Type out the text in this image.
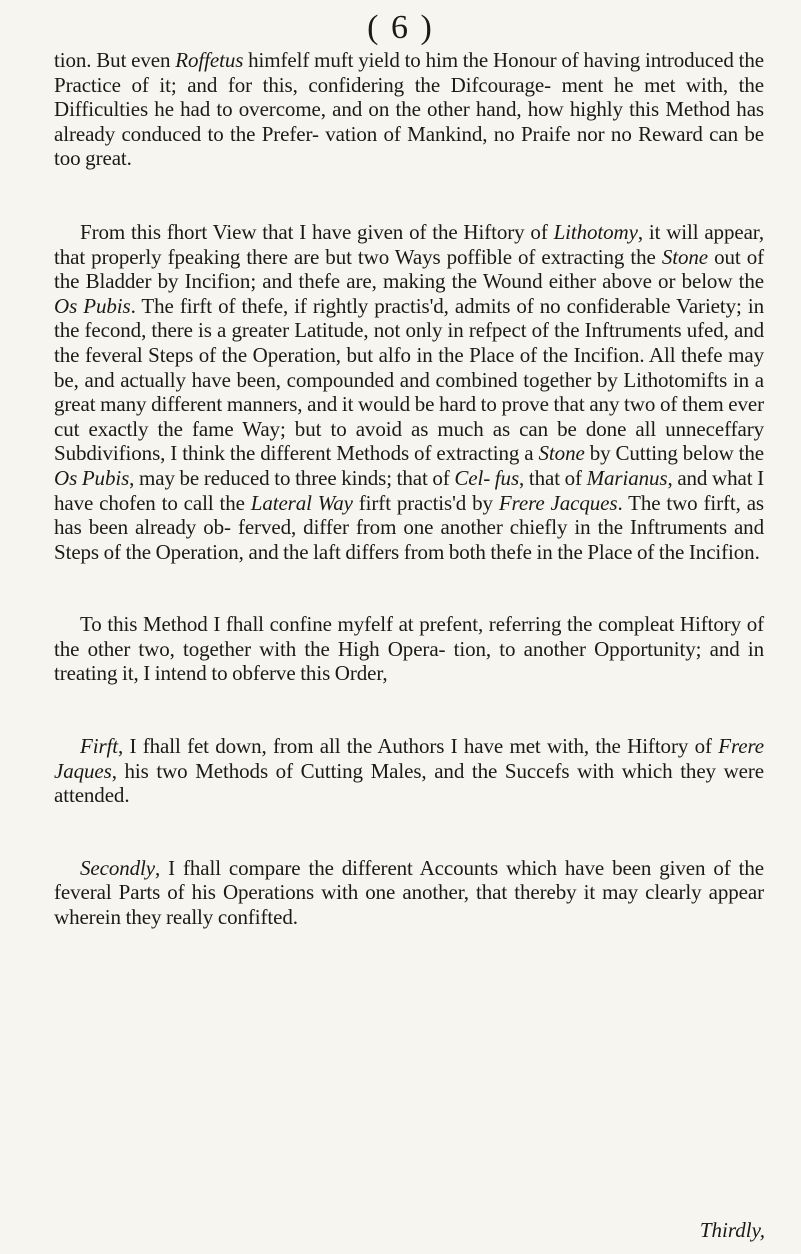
( 6 )

tion. But even Roffetus himfelf muft yield to him the Honour of having introduced the Practice of it; and for this, confidering the Difcourage- ment he met with, the Difficulties he had to overcome, and on the other hand, how highly this Method has already conduced to the Prefer- vation of Mankind, no Praife nor no Reward can be too great.

From this fhort View that I have given of the Hiftory of Lithotomy, it will appear, that properly fpeaking there are but two Ways poffible of extracting the Stone out of the Bladder by Incifion; and thefe are, making the Wound either above or below the Os Pubis. The firft of thefe, if rightly practis'd, admits of no confiderable Variety; in the fecond, there is a greater Latitude, not only in refpect of the Inftruments ufed, and the feveral Steps of the Operation, but alfo in the Place of the Incifion. All thefe may be, and actually have been, compounded and combined together by Lithotomifts in a great many different manners, and it would be hard to prove that any two of them ever cut exactly the fame Way; but to avoid as much as can be done all unneceffary Subdivifions, I think the different Methods of extracting a Stone by Cutting below the Os Pubis, may be reduced to three kinds; that of Cel- fus, that of Marianus, and what I have chofen to call the Lateral Way firft practis'd by Frere Jacques. The two firft, as has been already ob- ferved, differ from one another chiefly in the Inftruments and Steps of the Operation, and the laft differs from both thefe in the Place of the Incifion.

To this Method I fhall confine myfelf at prefent, referring the compleat Hiftory of the other two, together with the High Opera- tion, to another Opportunity; and in treating it, I intend to obferve this Order,

Firft, I fhall fet down, from all the Authors I have met with, the Hiftory of Frere Jaques, his two Methods of Cutting Males, and the Succefs with which they were attended.

Secondly, I fhall compare the different Accounts which have been given of the feveral Parts of his Operations with one another, that thereby it may clearly appear wherein they really confifted.

Thirdly,
